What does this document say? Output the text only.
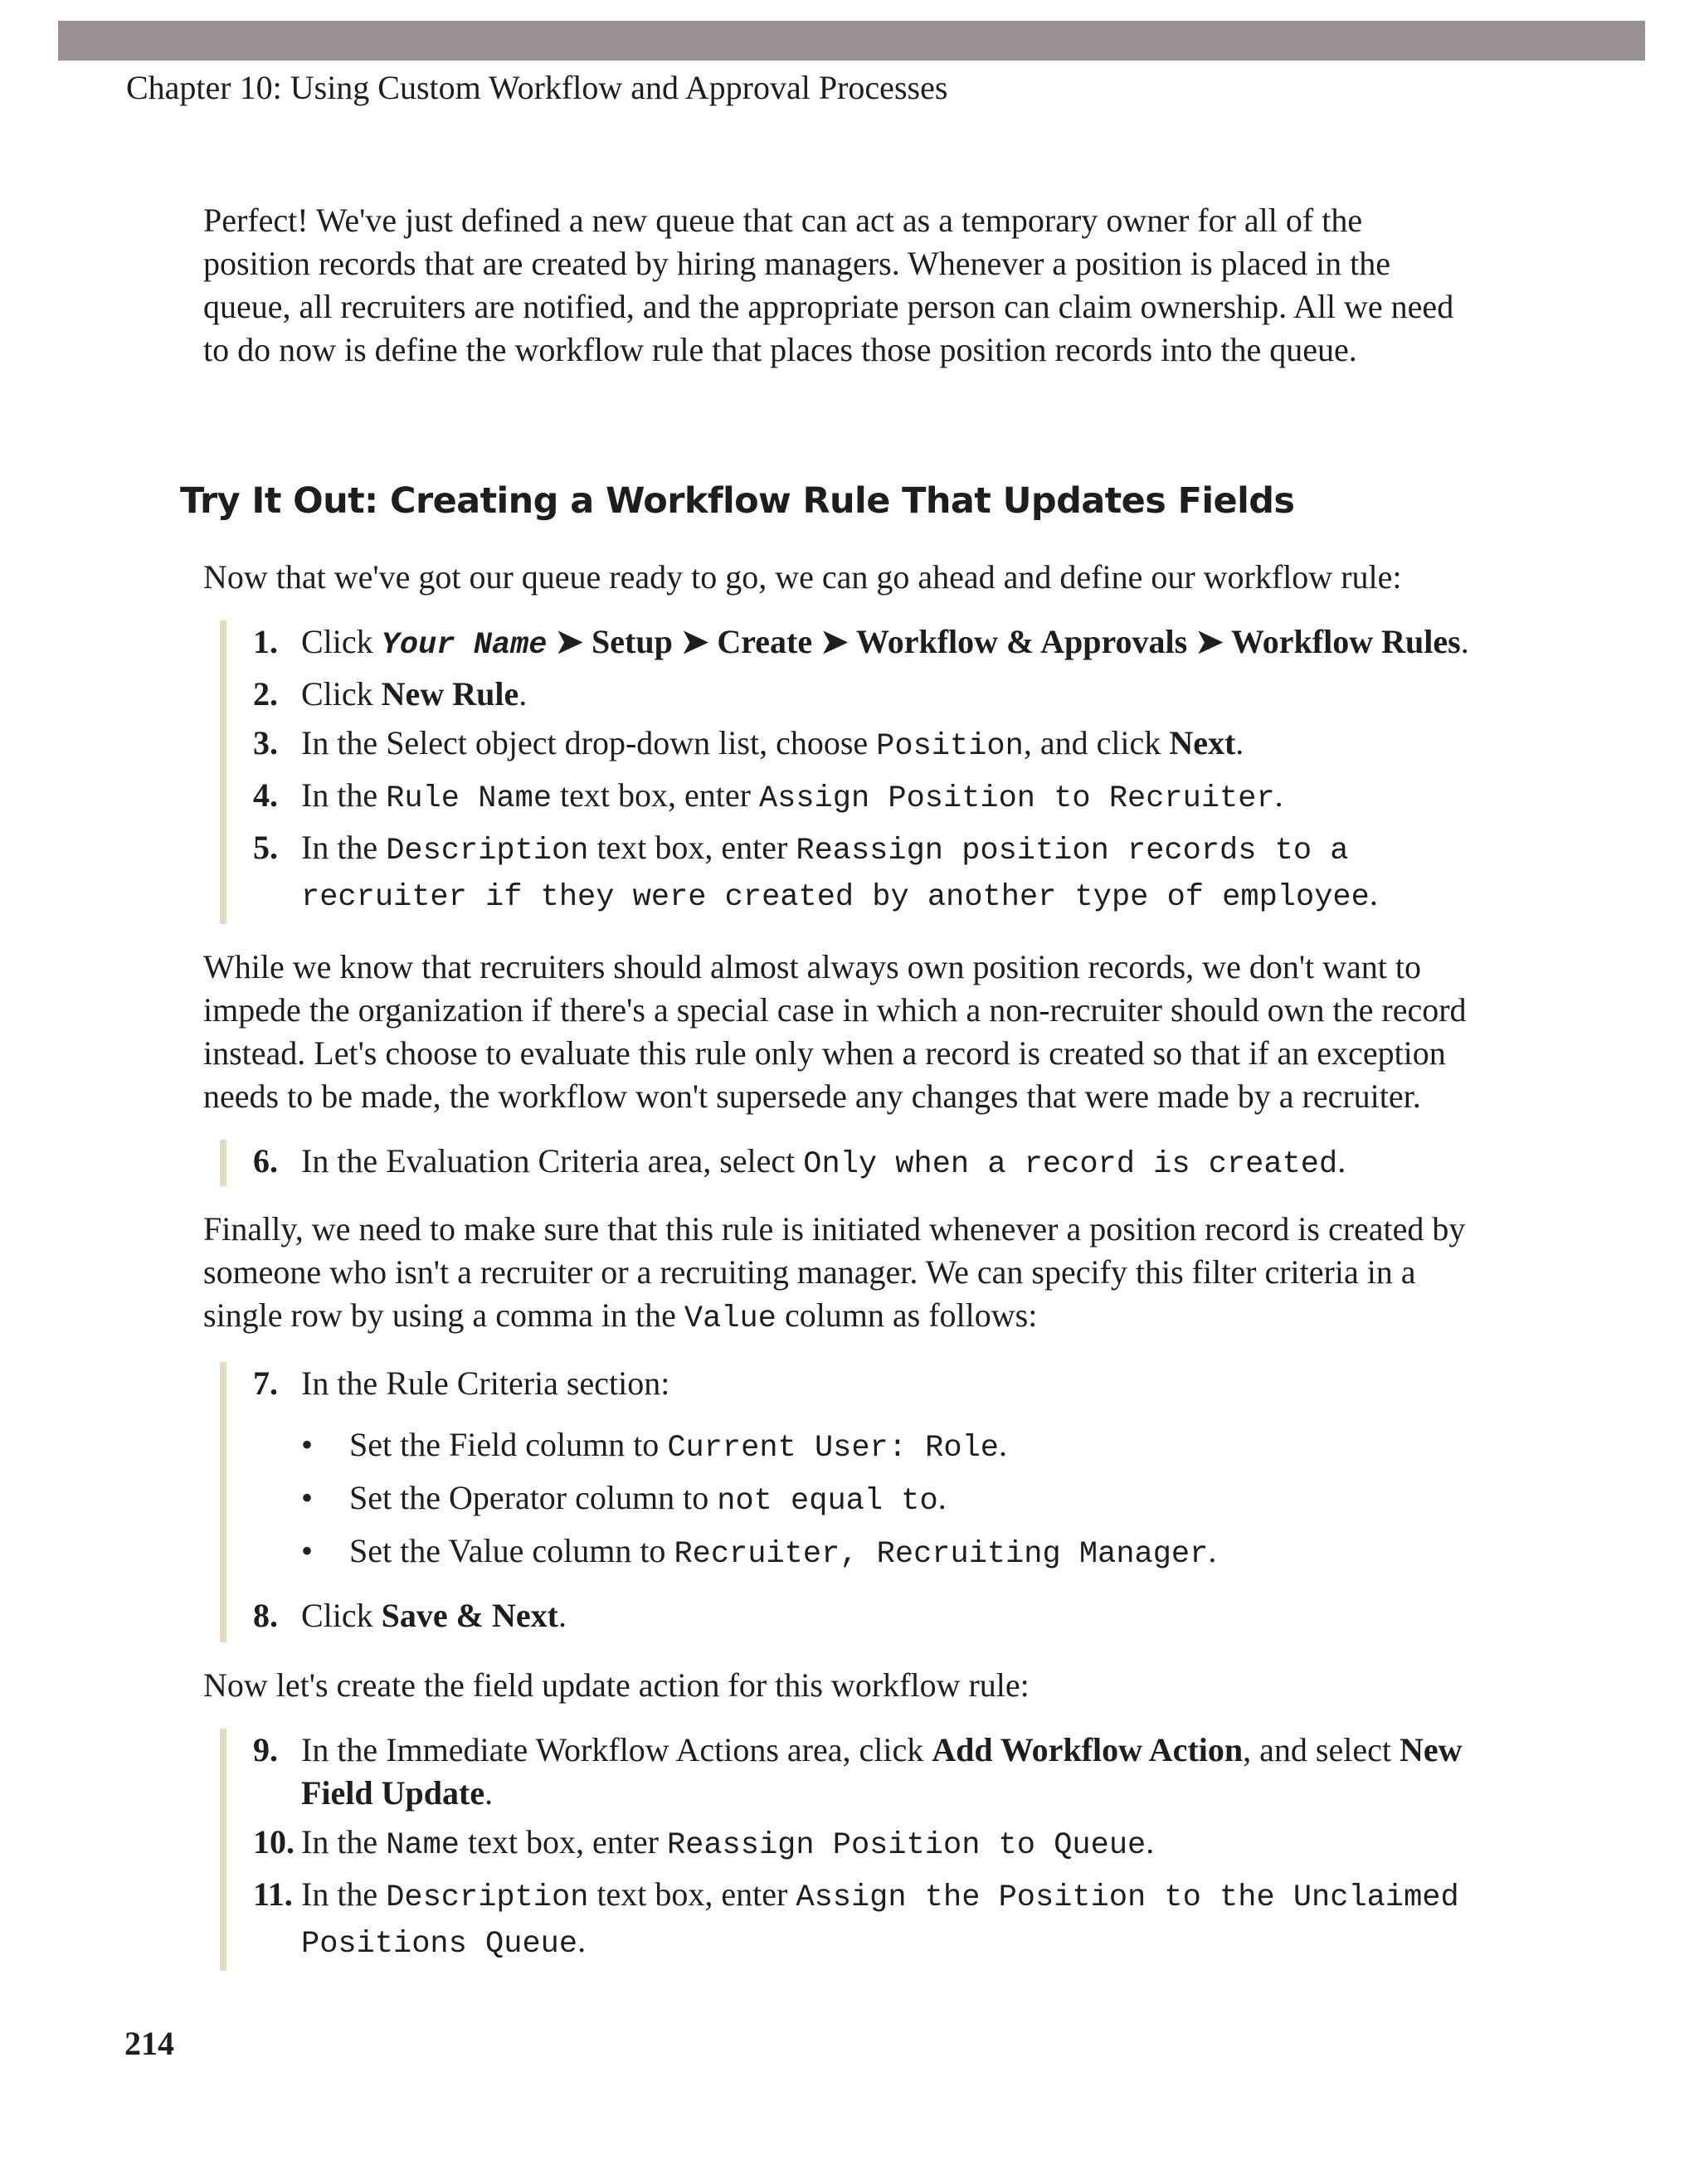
Chapter 10: Using Custom Workflow and Approval Processes

Perfect! We've just defined a new queue that can act as a temporary owner for all of the position records that are created by hiring managers. Whenever a position is placed in the queue, all recruiters are notified, and the appropriate person can claim ownership. All we need to do now is define the workflow rule that places those position records into the queue.

Try It Out: Creating a Workflow Rule That Updates Fields

Now that we've got our queue ready to go, we can go ahead and define our workflow rule:

1. Click Your Name ➤ Setup ➤ Create ➤ Workflow & Approvals ➤ Workflow Rules.
2. Click New Rule.
3. In the Select object drop-down list, choose Position, and click Next.
4. In the Rule Name text box, enter Assign Position to Recruiter.
5. In the Description text box, enter Reassign position records to a recruiter if they were created by another type of employee.

While we know that recruiters should almost always own position records, we don't want to impede the organization if there's a special case in which a non-recruiter should own the record instead. Let's choose to evaluate this rule only when a record is created so that if an exception needs to be made, the workflow won't supersede any changes that were made by a recruiter.

6. In the Evaluation Criteria area, select Only when a record is created.

Finally, we need to make sure that this rule is initiated whenever a position record is created by someone who isn't a recruiter or a recruiting manager. We can specify this filter criteria in a single row by using a comma in the Value column as follows:

7. In the Rule Criteria section:
• Set the Field column to Current User: Role.
• Set the Operator column to not equal to.
• Set the Value column to Recruiter, Recruiting Manager.
8. Click Save & Next.

Now let's create the field update action for this workflow rule:

9. In the Immediate Workflow Actions area, click Add Workflow Action, and select New Field Update.
10. In the Name text box, enter Reassign Position to Queue.
11. In the Description text box, enter Assign the Position to the Unclaimed Positions Queue.
214
